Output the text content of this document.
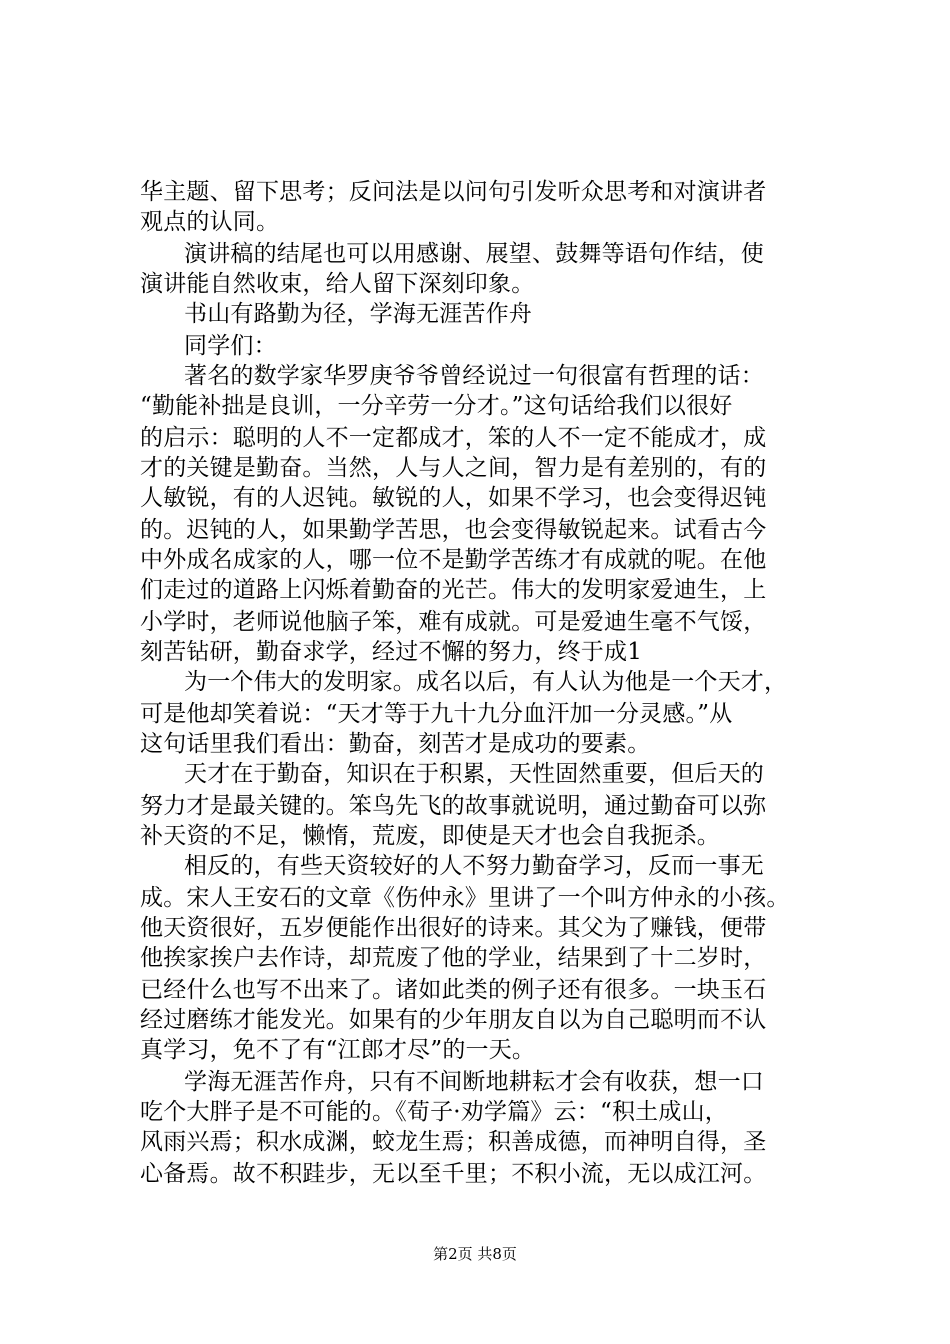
华主题、留下思考；反问法是以问句引发听众思考和对演讲者
观点的认同。
演讲稿的结尾也可以用感谢、展望、鼓舞等语句作结，使
演讲能自然收束，给人留下深刻印象。
书山有路勤为径，学海无涯苦作舟
同学们：
著名的数学家华罗庚爷爷曾经说过一句很富有哲理的话：
“勤能补拙是良训，一分辛劳一分才。”这句话给我们以很好
的启示：聪明的人不一定都成才，笨的人不一定不能成才，成
才的关键是勤奋。当然，人与人之间，智力是有差别的，有的
人敏锐，有的人迟钝。敏锐的人，如果不学习，也会变得迟钝
的。迟钝的人，如果勤学苦思，也会变得敏锐起来。试看古今
中外成名成家的人，哪一位不是勤学苦练才有成就的呢。在他
们走过的道路上闪烁着勤奋的光芒。伟大的发明家爱迪生，上
小学时，老师说他脑子笨，难有成就。可是爱迪生毫不气馁，
刻苦钻研，勤奋求学，经过不懈的努力，终于成1
为一个伟大的发明家。成名以后，有人认为他是一个天才，
可是他却笑着说：“天才等于九十九分血汗加一分灵感。”从
这句话里我们看出：勤奋，刻苦才是成功的要素。
天才在于勤奋，知识在于积累，天性固然重要，但后天的
努力才是最关键的。笨鸟先飞的故事就说明，通过勤奋可以弥
补天资的不足，懒惰，荒废，即使是天才也会自我扼杀。
相反的，有些天资较好的人不努力勤奋学习，反而一事无
成。宋人王安石的文章《伤仲永》里讲了一个叫方仲永的小孩。
他天资很好，五岁便能作出很好的诗来。其父为了赚钱，便带
他挨家挨户去作诗，却荒废了他的学业，结果到了十二岁时，
已经什么也写不出来了。诸如此类的例子还有很多。一块玉石
经过磨练才能发光。如果有的少年朋友自以为自己聪明而不认
真学习，免不了有“江郎才尽”的一天。
学海无涯苦作舟，只有不间断地耕耘才会有收获，想一口
吃个大胖子是不可能的。《荀子·劝学篇》云：“积土成山，
风雨兴焉；积水成渊，蛟龙生焉；积善成德，而神明自得，圣
心备焉。故不积跬步，无以至千里；不积小流，无以成江河。
第2页 共8页
